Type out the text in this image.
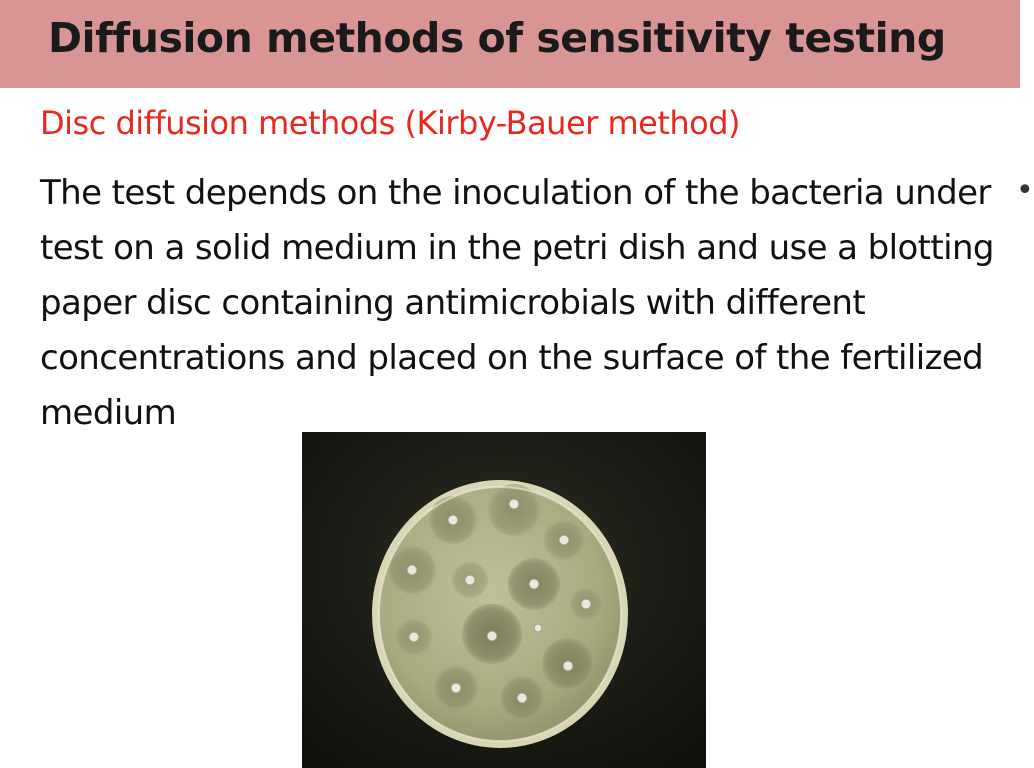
Diffusion methods of sensitivity testing

Disc diffusion methods (Kirby-Bauer method)

The test depends on the inoculation of the bacteria under test on a solid medium in the petri dish and use a blotting paper disc containing antimicrobials with different concentrations and placed on the surface of the fertilized medium

•
